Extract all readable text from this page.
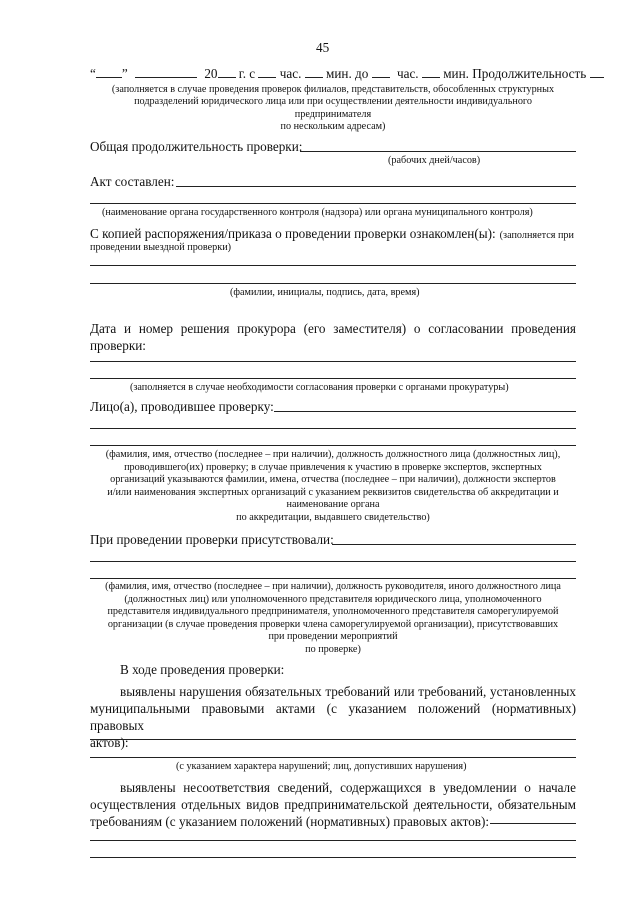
45
“ ”	20 г. с час. мин. до час. мин. Продолжительность
(заполняется в случае проведения проверок филиалов, представительств, обособленных структурных
подразделений юридического лица или при осуществлении деятельности индивидуального
предпринимателя
по нескольким адресам)
Общая продолжительность проверки:
(рабочих дней/часов)
Акт составлен:
(наименование органа государственного контроля (надзора) или органа муниципального контроля)
С копией распоряжения/приказа о проведении проверки ознакомлен(ы): (заполняется при
проведении выездной проверки)
(фамилии, инициалы, подпись, дата, время)
Дата и номер решения прокурора (его заместителя) о согласовании проведения проверки:
(заполняется в случае необходимости согласования проверки с органами прокуратуры)
Лицо(а), проводившее проверку:
(фамилия, имя, отчество (последнее – при наличии), должность должностного лица (должностных лиц),
проводившего(их) проверку; в случае привлечения к участию в проверке экспертов, экспертных
организаций указываются фамилии, имена, отчества (последнее – при наличии), должности экспертов
и/или наименования экспертных организаций с указанием реквизитов свидетельства об аккредитации и
наименование органа
по аккредитации, выдавшего свидетельство)
При проведении проверки присутствовали:
(фамилия, имя, отчество (последнее – при наличии), должность руководителя, иного должностного лица
(должностных лиц) или уполномоченного представителя юридического лица, уполномоченного
представителя индивидуального предпринимателя, уполномоченного представителя саморегулируемой
организации (в случае проведения проверки члена саморегулируемой организации), присутствовавших
при проведении мероприятий
по проверке)
В ходе проведения проверки:
выявлены нарушения обязательных требований или требований, установленных
муниципальными правовыми актами (с указанием положений (нормативных) правовых
актов):
(с указанием характера нарушений; лиц, допустивших нарушения)
выявлены несоответствия сведений, содержащихся в уведомлении о начале
осуществления отдельных видов предпринимательской деятельности, обязательным
требованиям (с указанием положений (нормативных) правовых актов):
